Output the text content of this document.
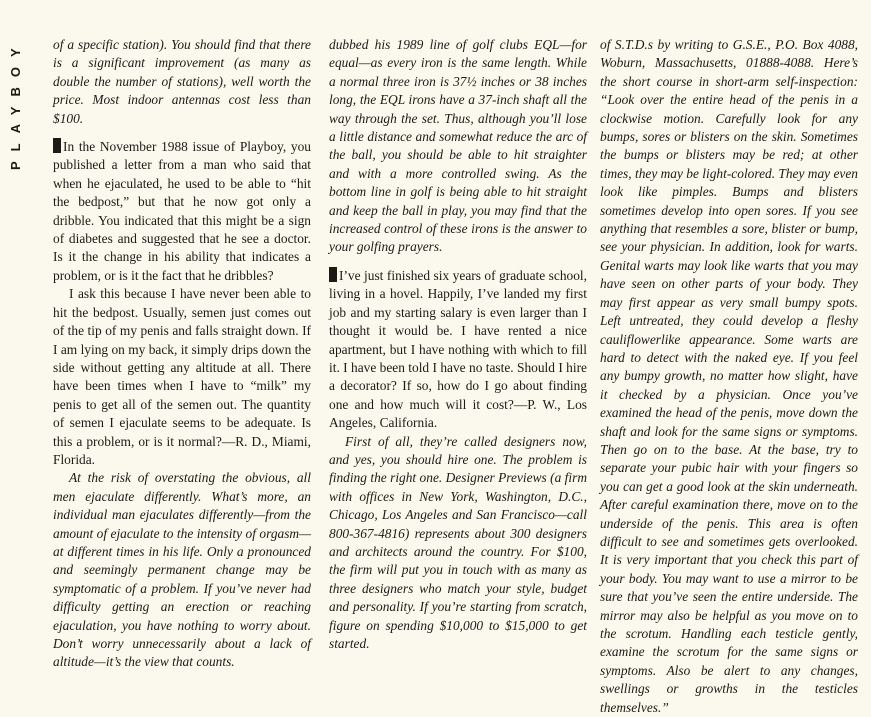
PLAYBOY of a specific station). You should find that there is a significant improvement (as many as double the number of stations), well worth the price. Most indoor antennas cost less than $100.

In the November 1988 issue of Playboy, you published a letter from a man who said that when he ejaculated, he used to be able to “hit the bedpost,” but that he now got only a dribble. You indicated that this might be a sign of diabetes and suggested that he see a doctor. Is it the change in his ability that indicates a problem, or is it the fact that he dribbles?

I ask this because I have never been able to hit the bedpost. Usually, semen just comes out of the tip of my penis and falls straight down. If I am lying on my back, it simply drips down the side without getting any altitude at all. There have been times when I have to “milk” my penis to get all of the semen out. The quantity of semen I ejaculate seems to be adequate. Is this a problem, or is it normal?—R. D., Miami, Florida.

At the risk of overstating the obvious, all men ejaculate differently. What’s more, an individual man ejaculates differently—from the amount of ejaculate to the intensity of orgasm—at different times in his life. Only a pronounced and seemingly permanent change may be symptomatic of a problem. If you’ve never had difficulty getting an erection or reaching ejaculation, you have nothing to worry about. Don’t worry unnecessarily about a lack of altitude—it’s the view that counts.

dubbed his 1989 line of golf clubs EQL—for equal—as every iron is the same length. While a normal three iron is 37½ inches or 38 inches long, the EQL irons have a 37-inch shaft all the way through the set. Thus, although you’ll lose a little distance and somewhat reduce the arc of the ball, you should be able to hit straighter and with a more controlled swing. As the bottom line in golf is being able to hit straight and keep the ball in play, you may find that the increased control of these irons is the answer to your golfing prayers.

I’ve just finished six years of graduate school, living in a hovel. Happily, I’ve landed my first job and my starting salary is even larger than I thought it would be. I have rented a nice apartment, but I have nothing with which to fill it. I have been told I have no taste. Should I hire a decorator? If so, how do I go about finding one and how much will it cost?—P. W., Los Angeles, California.

First of all, they’re called designers now, and yes, you should hire one. The problem is finding the right one. Designer Previews (a firm with offices in New York, Washington, D.C., Chicago, Los Angeles and San Francisco—call 800-367-4816) represents about 300 designers and architects around the country. For $100, the firm will put you in touch with as many as three designers who match your style, budget and personality. If you’re starting from scratch, figure on spending $10,000 to $15,000 to get started.

of S.T.D.s by writing to G.S.E., P.O. Box 4088, Woburn, Massachusetts, 01888-4088. Here’s the short course in short-arm self-inspection: “Look over the entire head of the penis in a clockwise motion. Carefully look for any bumps, sores or blisters on the skin. Sometimes the bumps or blisters may be red; at other times, they may be light-colored. They may even look like pimples. Bumps and blisters sometimes develop into open sores. If you see anything that resembles a sore, blister or bump, see your physician. In addition, look for warts. Genital warts may look like warts that you may have seen on other parts of your body. They may first appear as very small bumpy spots. Left untreated, they could develop a fleshy cauliflowerlike appearance. Some warts are hard to detect with the naked eye. If you feel any bumpy growth, no matter how slight, have it checked by a physician. Once you’ve examined the head of the penis, move down the shaft and look for the same signs or symptoms. Then go on to the base. At the base, try to separate your pubic hair with your fingers so you can get a good look at the skin underneath. After careful examination there, move on to the underside of the penis. This area is often difficult to see and sometimes gets overlooked. It is very important that you check this part of your body. You may want to use a mirror to be sure that you’ve seen the entire underside. The mirror may also be helpful as you move on to the scrotum. Handling each testicle gently, examine the scrotum for the same signs or symptoms. Also be alert to any changes, swellings or growths in the testicles themselves.”
